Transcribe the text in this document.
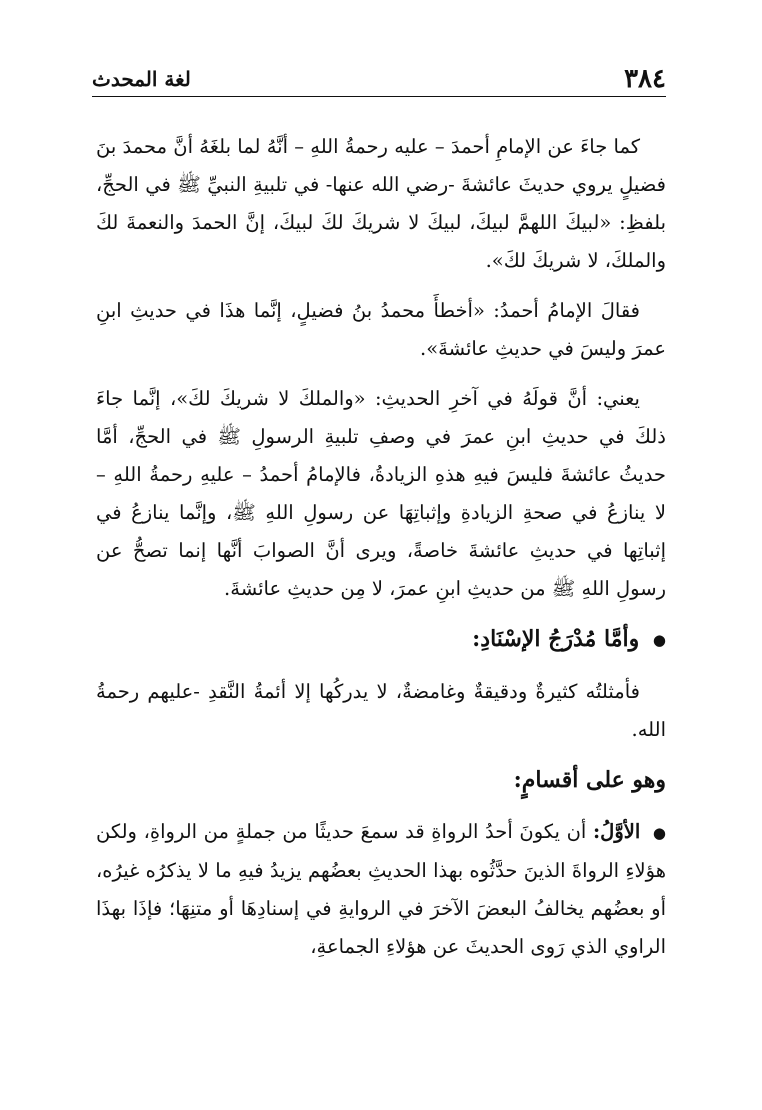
٣٨٤
لغة المحدث

كما جاءَ عن الإمامِ أحمدَ – عليه رحمةُ اللهِ – أنَّهُ لما بلغَهُ أنَّ محمدَ بنَ فضيلٍ يروي حديثَ عائشةَ -رضي الله عنها- في تلبيةِ النبيِّ ﷺ في الحجِّ، بلفظِ: «لبيكَ اللهمَّ لبيكَ، لبيكَ لا شريكَ لكَ لبيكَ، إنَّ الحمدَ والنعمةَ لكَ والملكَ، لا شريكَ لكَ».

فقالَ الإمامُ أحمدُ: «أخطأَ محمدُ بنُ فضيلٍ، إنَّما هذَا في حديثِ ابنِ عمرَ وليسَ في حديثِ عائشةَ».

يعني: أنَّ قولَهُ في آخرِ الحديثِ: «والملكَ لا شريكَ لكَ»، إنَّما جاءَ ذلكَ في حديثِ ابنِ عمرَ في وصفِ تلبيةِ الرسولِ ﷺ في الحجِّ، أمَّا حديثُ عائشةَ فليسَ فيهِ هذهِ الزيادةُ، فالإمامُ أحمدُ – عليهِ رحمةُ اللهِ – لا ينازعُ في صحةِ الزيادةِ وإثباتِهَا عن رسولِ اللهِ ﷺ، وإنَّما ينازعُ في إثباتِها في حديثِ عائشةَ خاصةً، ويرى أنَّ الصوابَ أنَّها إنما تصحُّ عن رسولِ اللهِ ﷺ من حديثِ ابنِ عمرَ، لا مِن حديثِ عائشةَ.

● وأمَّا مُدْرَجُ الإسْنَادِ:

فأمثلتُه كثيرةٌ ودقيقةٌ وغامضةٌ، لا يدركُها إلا أئمةُ النَّقدِ -عليهم رحمةُ الله.

وهو على أقسامٍ:

● الأوَّلُ: أن يكونَ أحدُ الرواةِ قد سمعَ حديثًا من جملةٍ من الرواةِ، ولكن هؤلاءِ الرواةَ الذينَ حدَّثُوه بهذا الحديثِ بعضُهم يزيدُ فيهِ ما لا يذكرُه غيرُه، أو بعضُهم يخالفُ البعضَ الآخرَ في الروايةِ في إسنادِهَا أو متنِهَا؛ فإذَا بهذَا الراوي الذي رَوى الحديثَ عن هؤلاءِ الجماعةِ،
